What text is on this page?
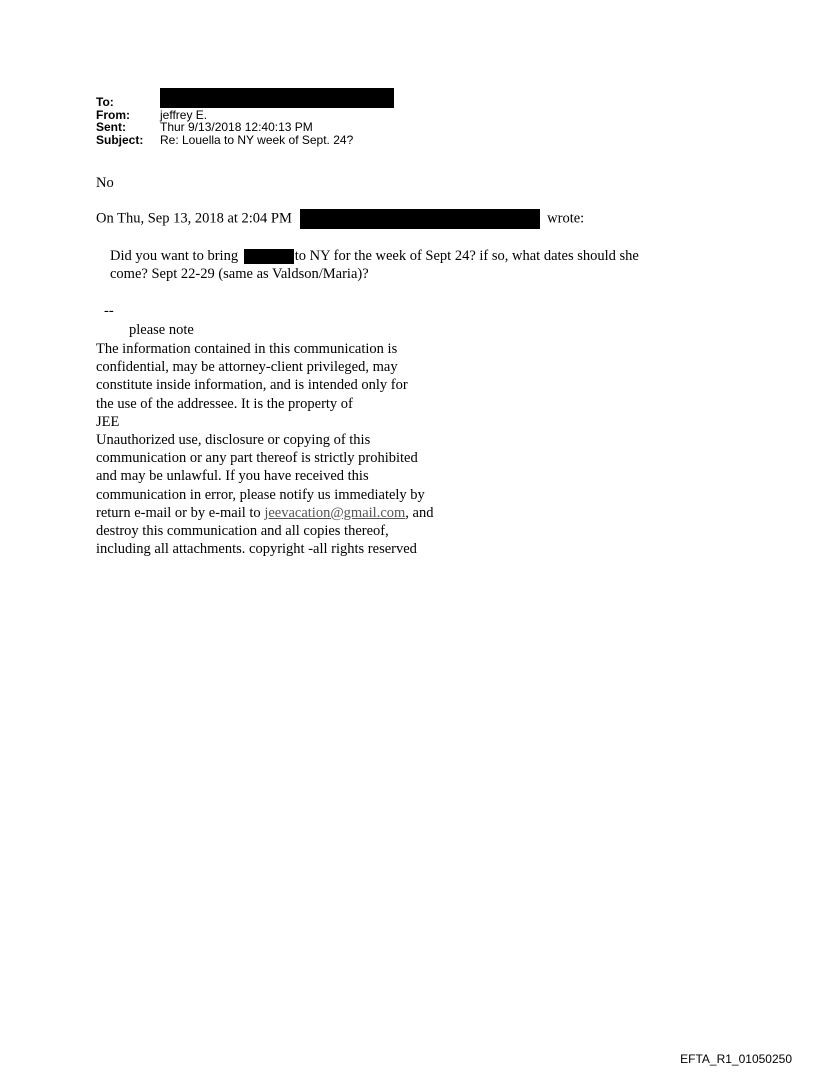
To:
From:	jeffrey E.
Sent:	Thur 9/13/2018 12:40:13 PM
Subject:	Re: Louella to NY week of Sept. 24?
No
On Thu, Sep 13, 2018 at 2:04 PM	wrote:
Did you want to bring	to NY for the week of Sept 24? if so, what dates should she
come? Sept 22-29 (same as Valdson/Maria)?
--
please note
The information contained in this communication is
confidential, may be attorney-client privileged, may
constitute inside information, and is intended only for
the use of the addressee. It is the property of
JEE
Unauthorized use, disclosure or copying of this
communication or any part thereof is strictly prohibited
and may be unlawful. If you have received this
communication in error, please notify us immediately by
return e-mail or by e-mail to jeevacation@gmail.com, and
destroy this communication and all copies thereof,
including all attachments. copyright -all rights reserved
EFTA_R1_01050250
